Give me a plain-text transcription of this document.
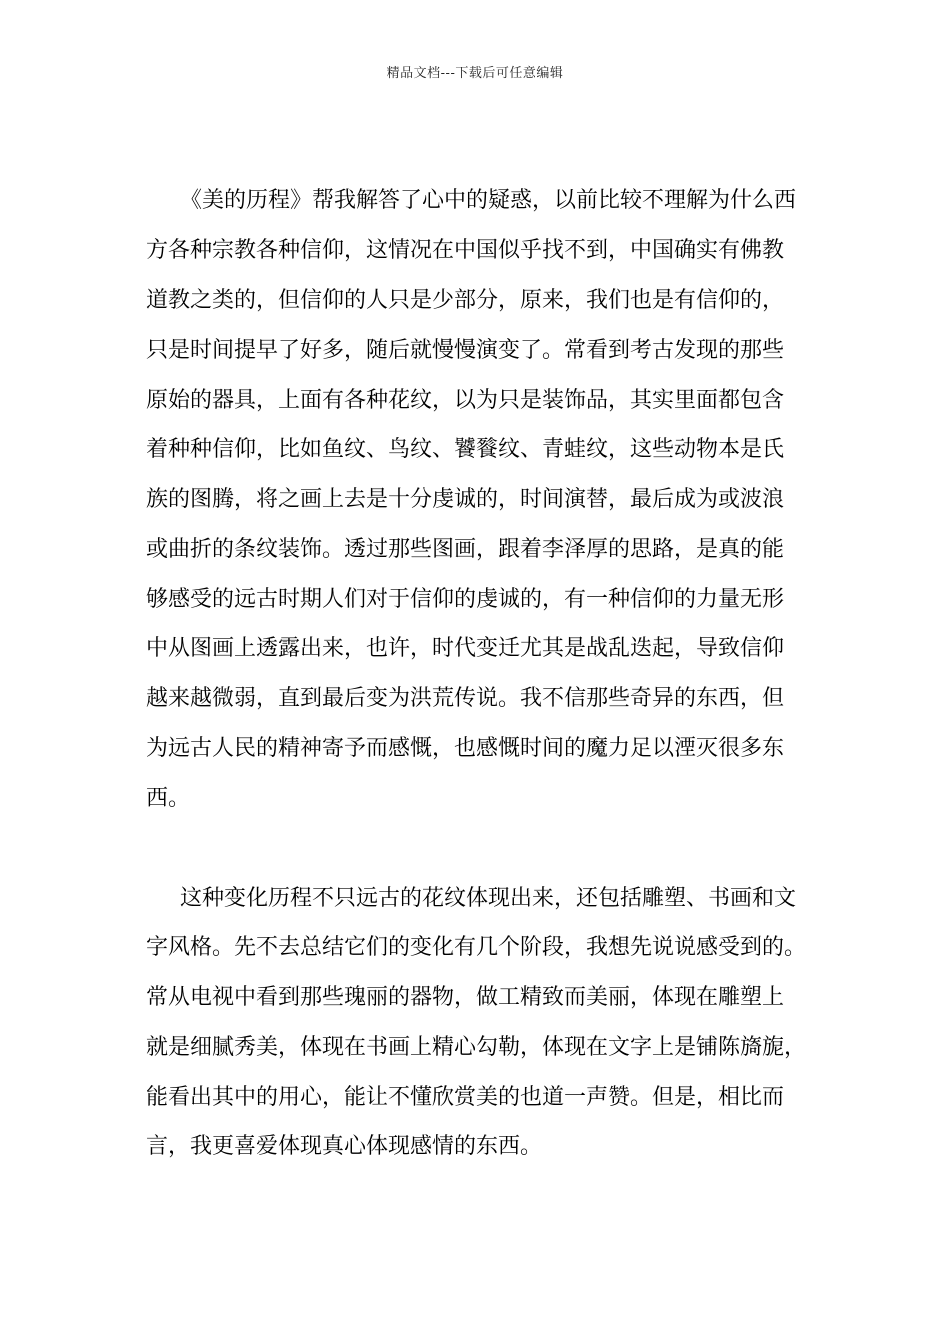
精品文档---下载后可任意编辑
《美的历程》帮我解答了心中的疑惑，以前比较不理解为什么西
方各种宗教各种信仰，这情况在中国似乎找不到，中国确实有佛教
道教之类的，但信仰的人只是少部分，原来，我们也是有信仰的，
只是时间提早了好多，随后就慢慢演变了。常看到考古发现的那些
原始的器具，上面有各种花纹，以为只是装饰品，其实里面都包含
着种种信仰，比如鱼纹、鸟纹、饕餮纹、青蛙纹，这些动物本是氏
族的图腾，将之画上去是十分虔诚的，时间演替，最后成为或波浪
或曲折的条纹装饰。透过那些图画，跟着李泽厚的思路，是真的能
够感受的远古时期人们对于信仰的虔诚的，有一种信仰的力量无形
中从图画上透露出来，也许，时代变迁尤其是战乱迭起，导致信仰
越来越微弱，直到最后变为洪荒传说。我不信那些奇异的东西，但
为远古人民的精神寄予而感慨，也感慨时间的魔力足以湮灭很多东
西。
这种变化历程不只远古的花纹体现出来，还包括雕塑、书画和文
字风格。先不去总结它们的变化有几个阶段，我想先说说感受到的。
常从电视中看到那些瑰丽的器物，做工精致而美丽，体现在雕塑上
就是细腻秀美，体现在书画上精心勾勒，体现在文字上是铺陈旖旎，
能看出其中的用心，能让不懂欣赏美的也道一声赞。但是，相比而
言，我更喜爱体现真心体现感情的东西。
